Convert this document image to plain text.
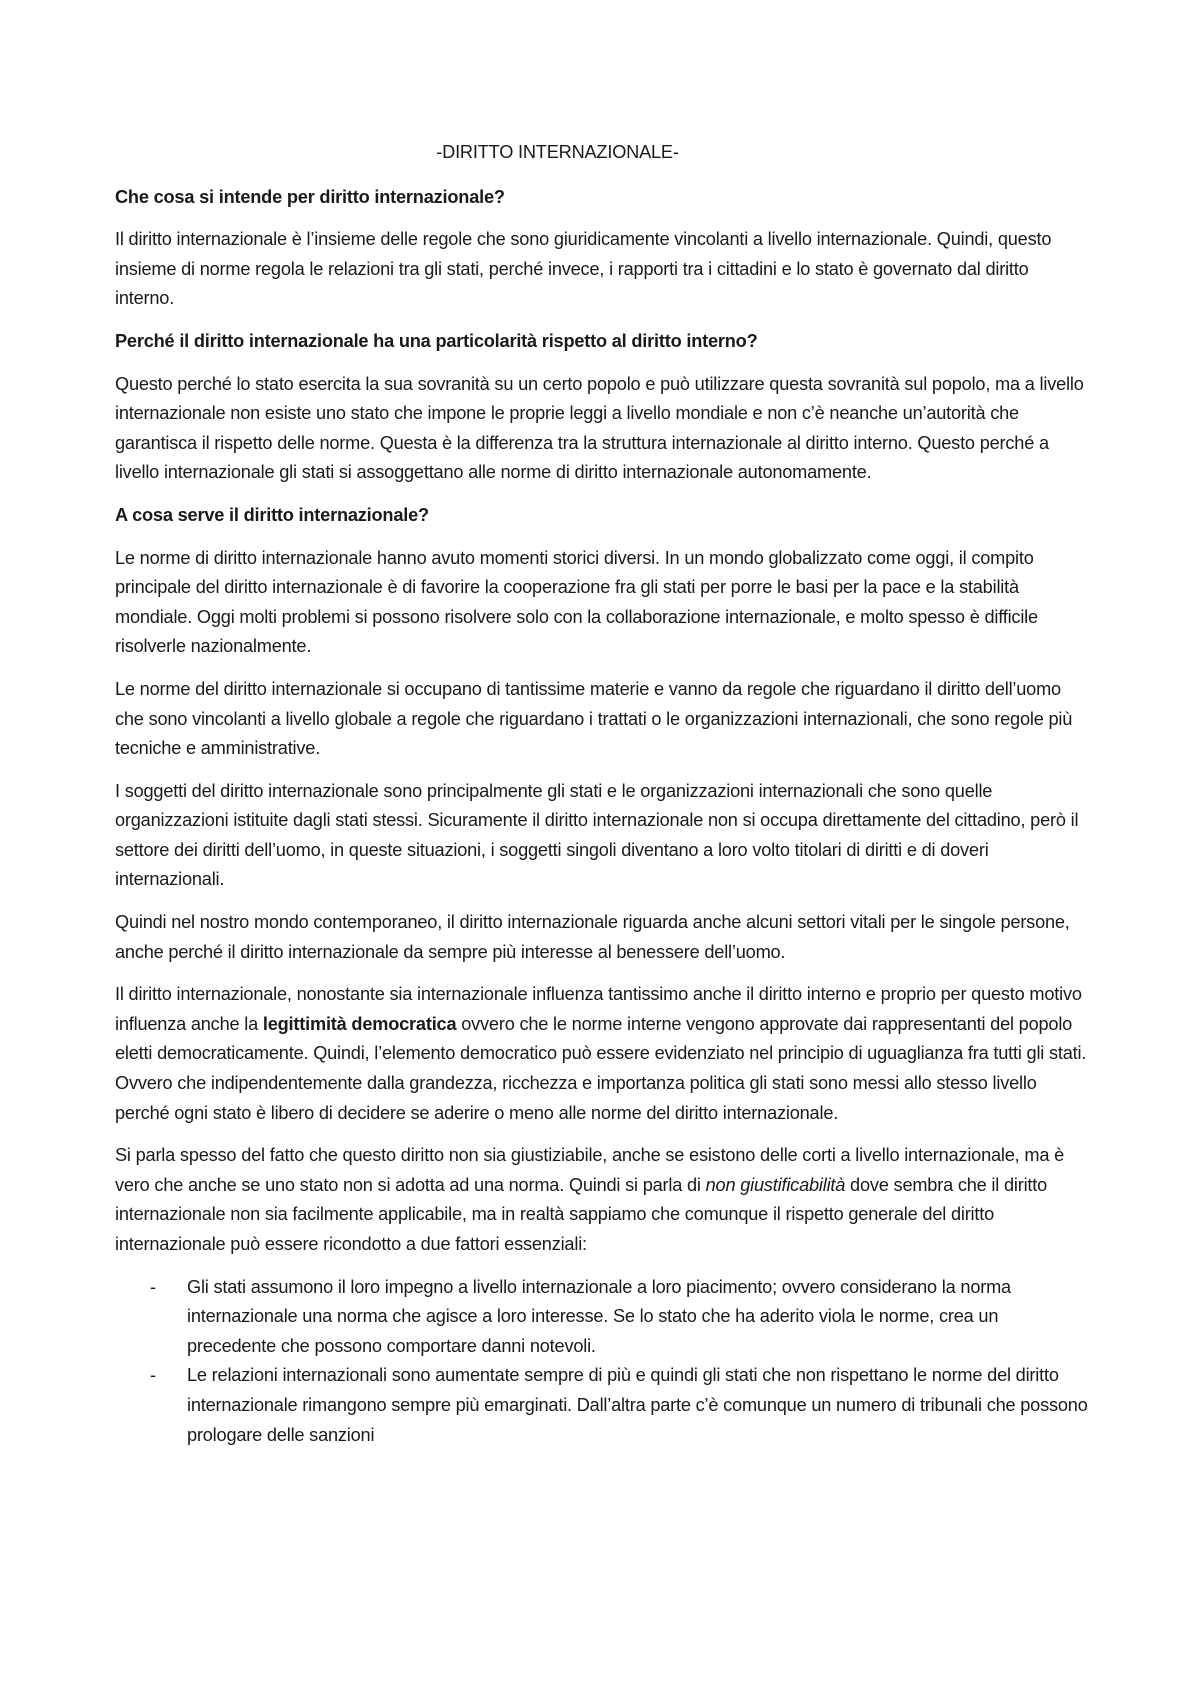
-DIRITTO INTERNAZIONALE-
Che cosa si intende per diritto internazionale?
Il diritto internazionale è l’insieme delle regole che sono giuridicamente vincolanti a livello internazionale. Quindi, questo insieme di norme regola le relazioni tra gli stati, perché invece, i rapporti tra i cittadini e lo stato è governato dal diritto interno.
Perché il diritto internazionale ha una particolarità rispetto al diritto interno?
Questo perché lo stato esercita la sua sovranità su un certo popolo e può utilizzare questa sovranità sul popolo, ma a livello internazionale non esiste uno stato che impone le proprie leggi a livello mondiale e non c’è neanche un’autorità che garantisca il rispetto delle norme. Questa è la differenza tra la struttura internazionale al diritto interno. Questo perché a livello internazionale gli stati si assoggettano alle norme di diritto internazionale autonomamente.
A cosa serve il diritto internazionale?
Le norme di diritto internazionale hanno avuto momenti storici diversi. In un mondo globalizzato come oggi, il compito principale del diritto internazionale è di favorire la cooperazione fra gli stati per porre le basi per la pace e la stabilità mondiale. Oggi molti problemi si possono risolvere solo con la collaborazione internazionale, e molto spesso è difficile risolverle nazionalmente.
Le norme del diritto internazionale si occupano di tantissime materie e vanno da regole che riguardano il diritto dell’uomo che sono vincolanti a livello globale a regole che riguardano i trattati o le organizzazioni internazionali, che sono regole più tecniche e amministrative.
I soggetti del diritto internazionale sono principalmente gli stati e le organizzazioni internazionali che sono quelle organizzazioni istituite dagli stati stessi. Sicuramente il diritto internazionale non si occupa direttamente del cittadino, però il settore dei diritti dell’uomo, in queste situazioni, i soggetti singoli diventano a loro volto titolari di diritti e di doveri internazionali.
Quindi nel nostro mondo contemporaneo, il diritto internazionale riguarda anche alcuni settori vitali per le singole persone, anche perché il diritto internazionale da sempre più interesse al benessere dell’uomo.
Il diritto internazionale, nonostante sia internazionale influenza tantissimo anche il diritto interno e proprio per questo motivo influenza anche la legittimità democratica ovvero che le norme interne vengono approvate dai rappresentanti del popolo eletti democraticamente. Quindi, l’elemento democratico può essere evidenziato nel principio di uguaglianza fra tutti gli stati. Ovvero che indipendentemente dalla grandezza, ricchezza e importanza politica gli stati sono messi allo stesso livello perché ogni stato è libero di decidere se aderire o meno alle norme del diritto internazionale.
Si parla spesso del fatto che questo diritto non sia giustiziabile, anche se esistono delle corti a livello internazionale, ma è vero che anche se uno stato non si adotta ad una norma. Quindi si parla di non giustificabilità dove sembra che il diritto internazionale non sia facilmente applicabile, ma in realtà sappiamo che comunque il rispetto generale del diritto internazionale può essere ricondotto a due fattori essenziali:
- Gli stati assumono il loro impegno a livello internazionale a loro piacimento; ovvero considerano la norma internazionale una norma che agisce a loro interesse. Se lo stato che ha aderito viola le norme, crea un precedente che possono comportare danni notevoli.
- Le relazioni internazionali sono aumentate sempre di più e quindi gli stati che non rispettano le norme del diritto internazionale rimangono sempre più emarginati. Dall’altra parte c’è comunque un numero di tribunali che possono prologare delle sanzioni
